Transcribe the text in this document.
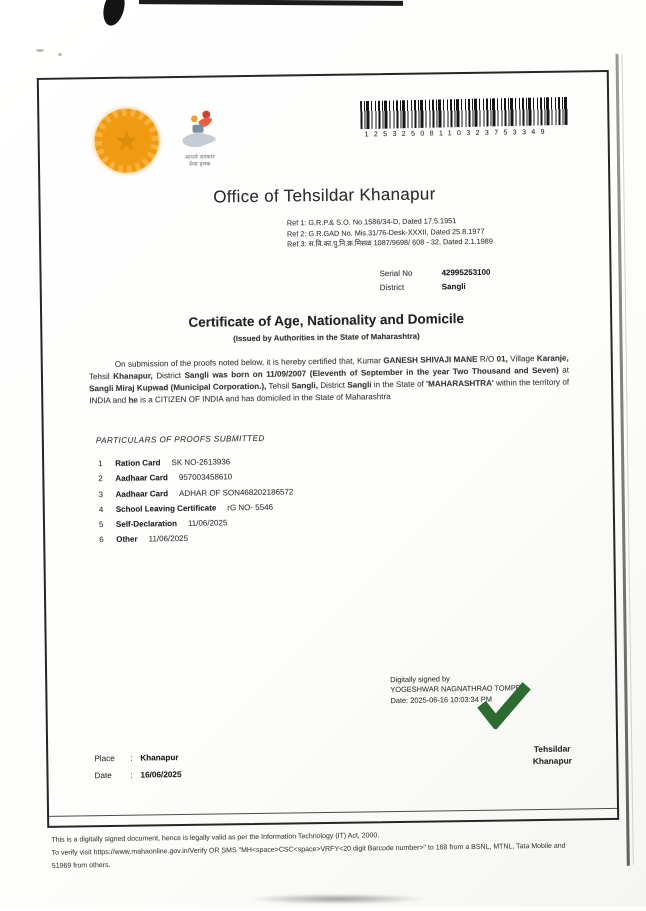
★
आपले सरकार
सेवा हक्क
12532508110323753349
Office of Tehsildar Khanapur
Ref 1: G.R.P.& S.O. No.1586/34-D, Dated 17.5.1951
Ref 2: G.R.GAD No. Mis.31/76-Desk-XXXII, Dated 25.8.1977
Ref 3: स.वि.का.पु.नि.क्र.मिसळ 1087/9698/ 608 - 32, Dated 2.1.1989
Serial No	42995253100
District	Sangli
Certificate of Age, Nationality and Domicile
(Issued by Authorities in the State of Maharashtra)
On submission of the proofs noted below, it is hereby certified that, Kumar GANESH SHIVAJI MANE R/O 01, Village Karanje, Tehsil Khanapur, District Sangli was born on 11/09/2007 (Eleventh of September in the year Two Thousand and Seven) at Sangli Miraj Kupwad (Municipal Corporation.), Tehsil Sangli, District Sangli in the State of 'MAHARASHTRA' within the territory of INDIA and he is a CITIZEN OF INDIA and has domiciled in the State of Maharashtra
PARTICULARS OF PROOFS SUBMITTED
1 Ration Card SK NO-2613936
2 Aadhaar Card 957003458610
3 Aadhaar Card ADHAR OF SON468202186572
4 School Leaving Certificate rG NO- 5546
5 Self-Declaration 11/06/2025
6 Other 11/06/2025
Digitally signed by
YOGESHWAR NAGNATHRAO TOMPE
Date: 2025-06-16 10:03:34 PM
Place	: Khanapur
Date	: 16/06/2025
Tehsildar
Khanapur
This is a digitally signed document, hence is legally valid as per the Information Technology (IT) Act, 2000.
To verify visit https://www.mahaonline.gov.in/Verify OR SMS "MH<space>CSC<space>VRFY<20 digit Barcode number>" to 168 from a BSNL, MTNL, Tata Mobile and
51969 from others.
